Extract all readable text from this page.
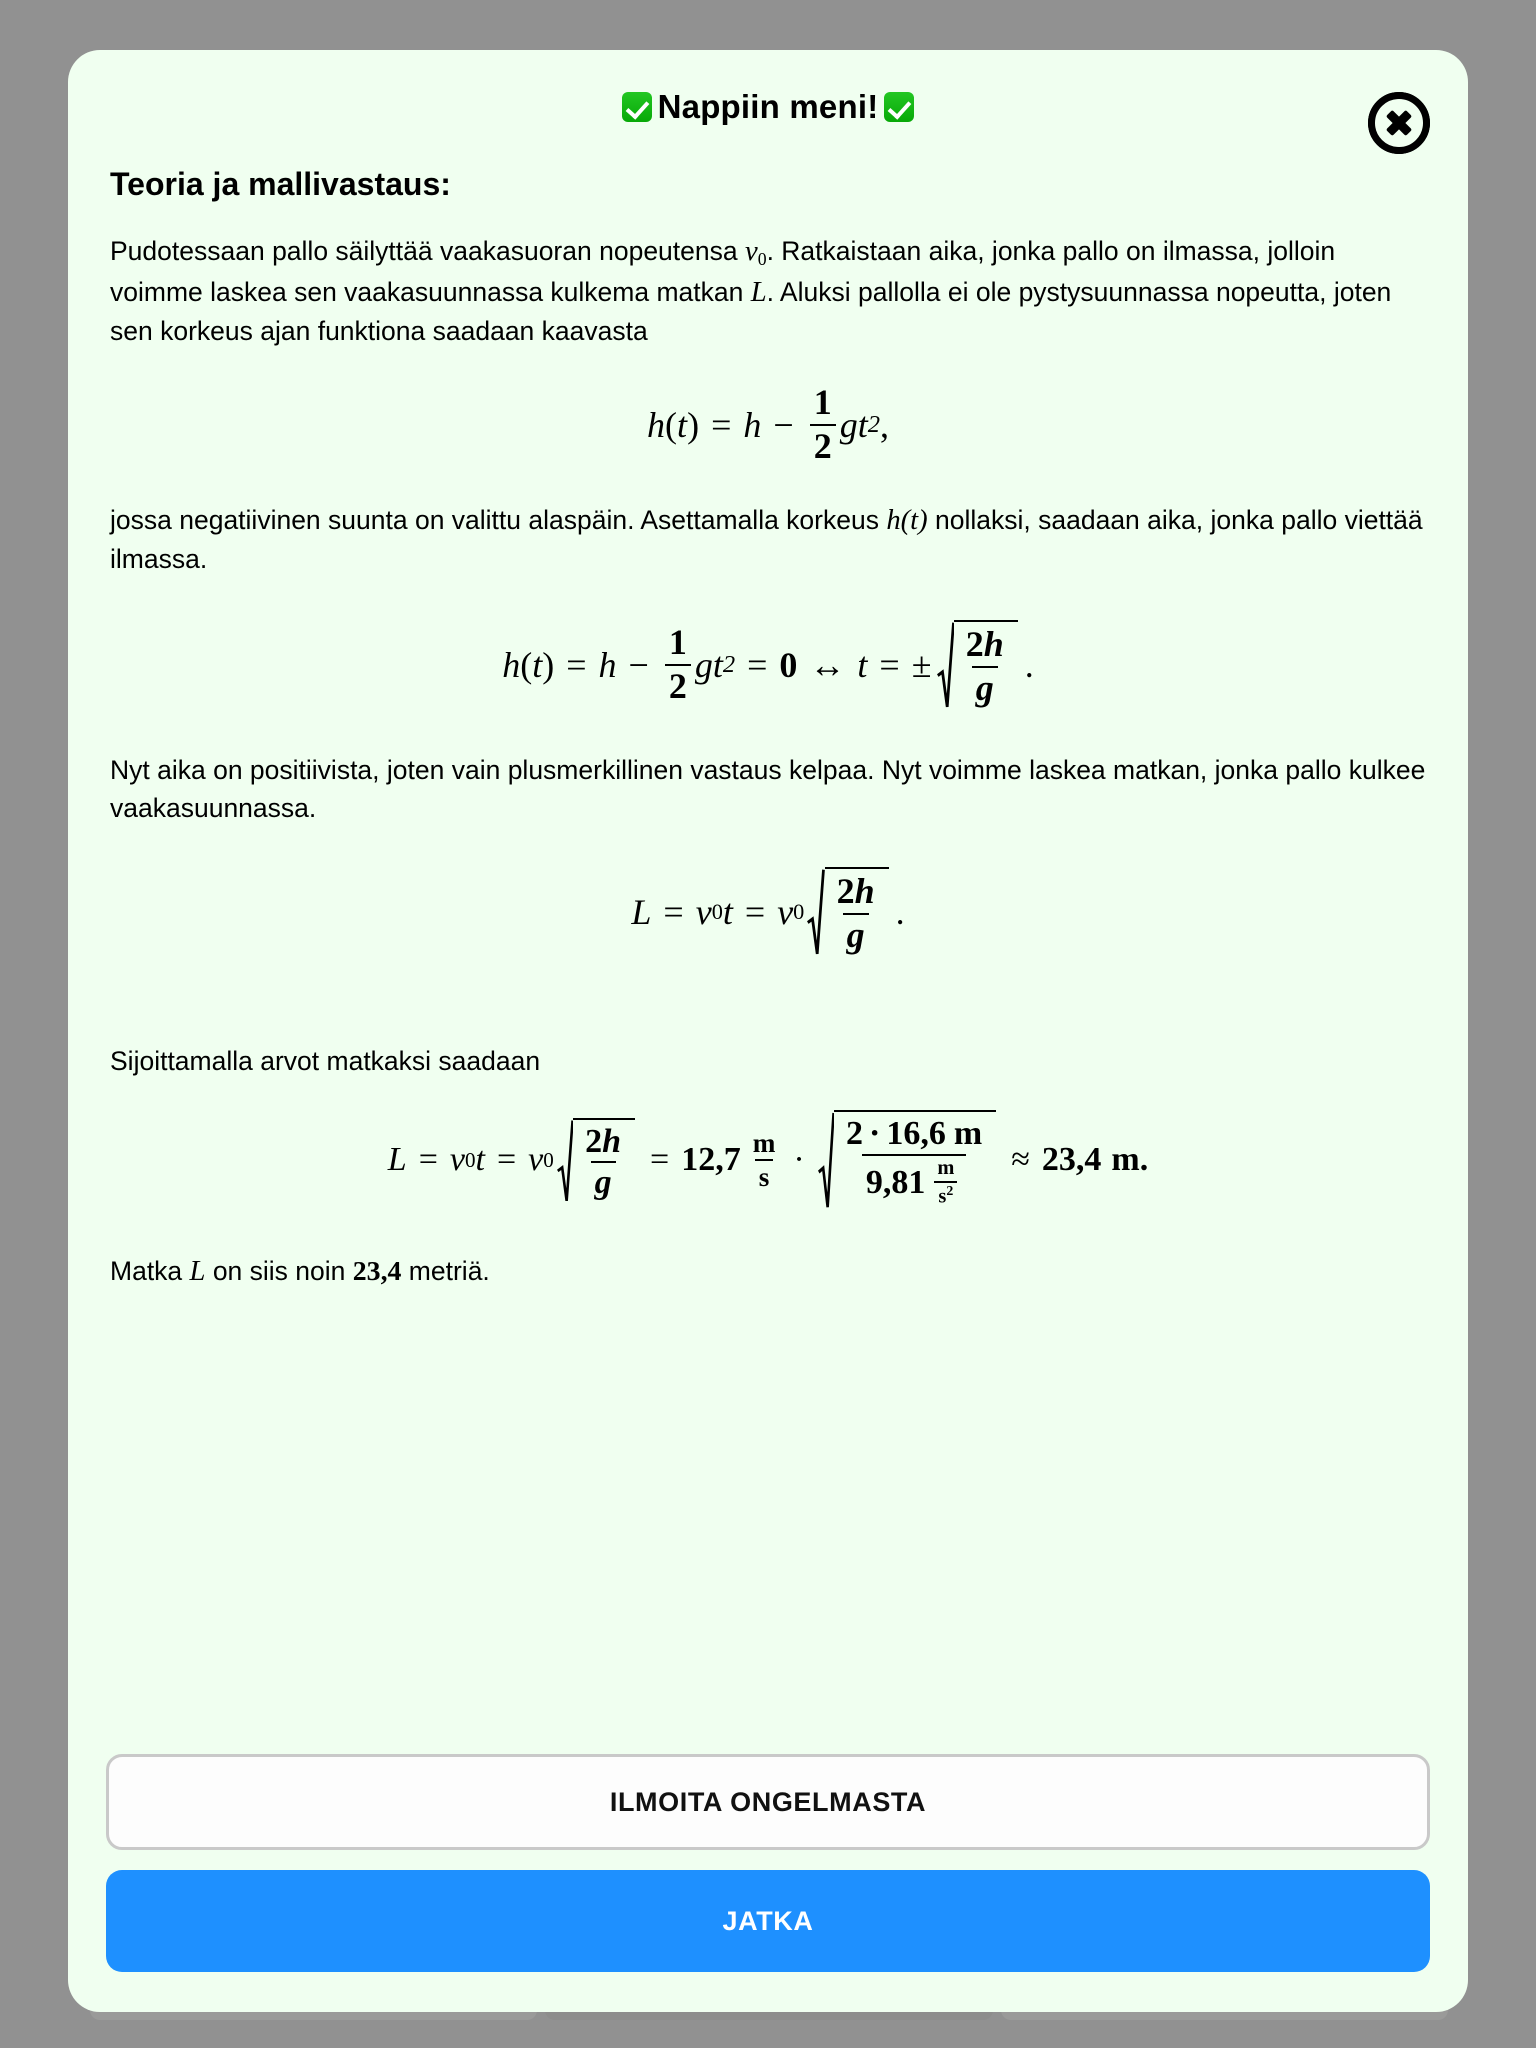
Nappiin meni!
Teoria ja mallivastaus:

Pudotessaan pallo säilyttää vaakasuoran nopeutensa $v_0$. Ratkaistaan aika, jonka pallo on ilmassa, jolloin voimme laskea sen vaakasuunnassa kulkema matkan L. Aluksi pallolla ei ole pystysuunnassa nopeutta, joten sen korkeus ajan funktiona saadaan kaavasta

h ( t ) = $h - \frac{1}{2}$ g t 2 ,

jossa negatiivinen suunta on valittu alaspäin. Asettamalla korkeus h(t) nollaksi, saadaan aika, jonka pallo viettää ilmassa.

h ( t ) = $h - \frac{1}{2}$ g t 2 = 0 ↔ t = ± $\frac{2h}{g}$ .

Nyt aika on positiivista, joten vain plusmerkillinen vastaus kelpaa. Nyt voimme laskea matkan, jonka pallo kulkee vaakasuunnassa.

L = v 0 t = v $0 \frac{2h}{g}$ .

Sijoittamalla arvot matkaksi saadaan

L = v 0 t = v $0 \frac{2h}{g} = 12,7 \frac{m}{s} \cdot \frac{2 \cdot 16,6 m}{9,81 \frac{m}{s^2}} \approx 23,4$ m.

Matka L on siis noin 23,4 metriä.

ILMOITA ONGELMASTA
JATKA
